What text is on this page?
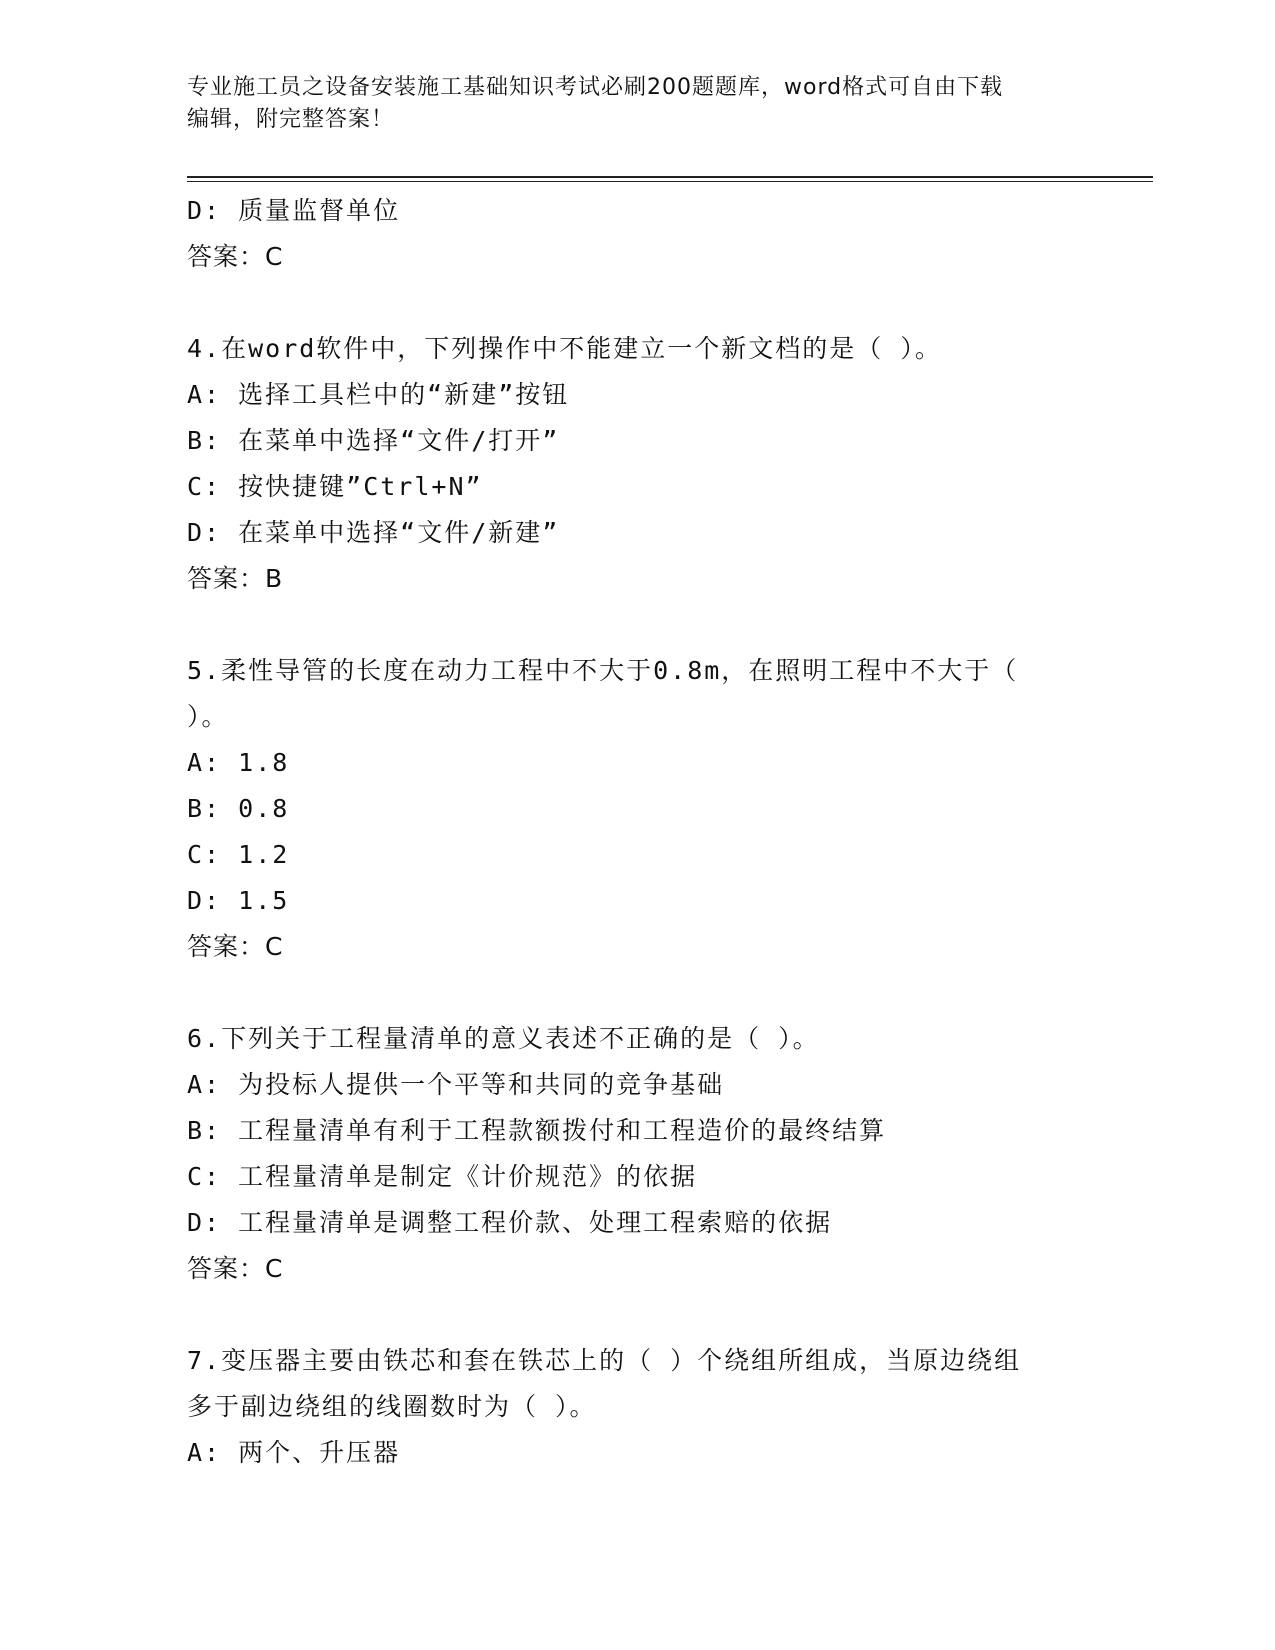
专业施工员之设备安装施工基础知识考试必刷200题题库，word格式可自由下载
编辑，附完整答案！
D: 质量监督单位
答案：C
4.在word软件中，下列操作中不能建立一个新文档的是（ ）。
A: 选择工具栏中的“新建”按钮
B: 在菜单中选择“文件/打开”
C: 按快捷键”Ctrl+N”
D: 在菜单中选择“文件/新建”
答案：B
5.柔性导管的长度在动力工程中不大于0.8m，在照明工程中不大于（
）。
A: 1.8
B: 0.8
C: 1.2
D: 1.5
答案：C
6.下列关于工程量清单的意义表述不正确的是（ ）。
A: 为投标人提供一个平等和共同的竞争基础
B: 工程量清单有利于工程款额拨付和工程造价的最终结算
C: 工程量清单是制定《计价规范》的依据
D: 工程量清单是调整工程价款、处理工程索赔的依据
答案：C
7.变压器主要由铁芯和套在铁芯上的（ ）个绕组所组成，当原边绕组
多于副边绕组的线圈数时为（ ）。
A: 两个、升压器
